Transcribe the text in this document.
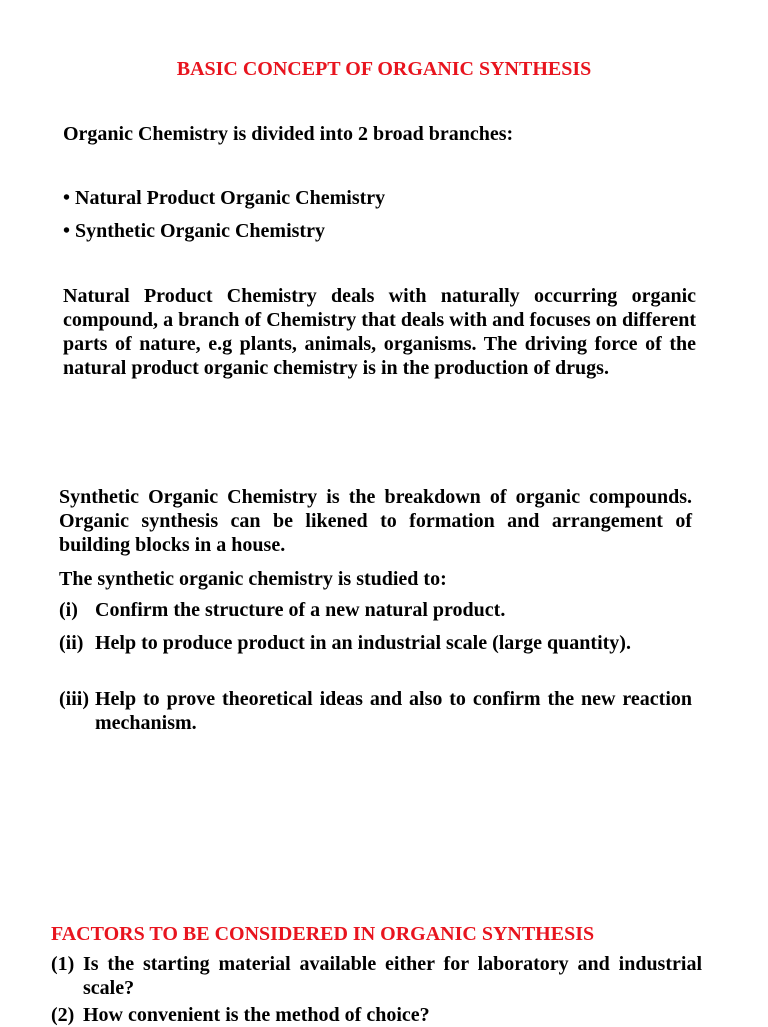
BASIC CONCEPT OF ORGANIC SYNTHESIS
Organic Chemistry is divided into 2 broad branches:
• Natural Product Organic Chemistry
• Synthetic Organic Chemistry

Natural Product Chemistry deals with naturally occurring organic compound, a branch of Chemistry that deals with and focuses on different parts of nature, e.g plants, animals, organisms. The driving force of the natural product organic chemistry is in the production of drugs.

Synthetic Organic Chemistry is the breakdown of organic compounds. Organic synthesis can be likened to formation and arrangement of building blocks in a house.

The synthetic organic chemistry is studied to:
(i) Confirm the structure of a new natural product.
(ii) Help to produce product in an industrial scale (large quantity).
(iii) Help to prove theoretical ideas and also to confirm the new reaction mechanism.
FACTORS TO BE CONSIDERED IN ORGANIC SYNTHESIS
(1) Is the starting material available either for laboratory and industrial scale?
(2) How convenient is the method of choice?
